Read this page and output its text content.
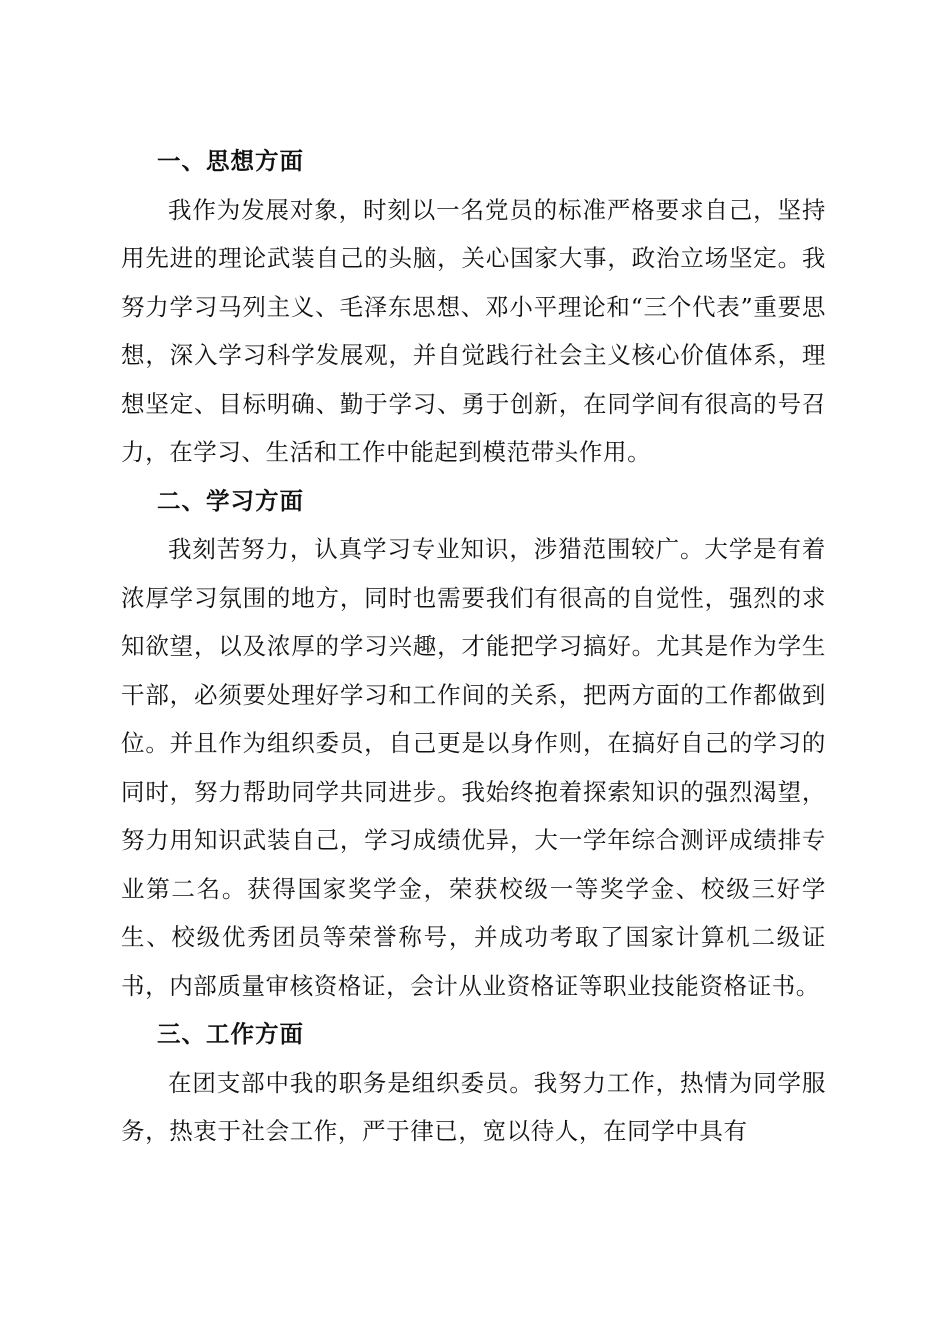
一、思想方面

我作为发展对象，时刻以一名党员的标准严格要求自己，坚持用先进的理论武装自己的头脑，关心国家大事，政治立场坚定。我努力学习马列主义、毛泽东思想、邓小平理论和“三个代表”重要思想，深入学习科学发展观，并自觉践行社会主义核心价值体系，理想坚定、目标明确、勤于学习、勇于创新，在同学间有很高的号召力，在学习、生活和工作中能起到模范带头作用。

二、学习方面

我刻苦努力，认真学习专业知识，涉猎范围较广。大学是有着浓厚学习氛围的地方，同时也需要我们有很高的自觉性，强烈的求知欲望，以及浓厚的学习兴趣，才能把学习搞好。尤其是作为学生干部，必须要处理好学习和工作间的关系，把两方面的工作都做到位。并且作为组织委员，自己更是以身作则，在搞好自己的学习的同时，努力帮助同学共同进步。我始终抱着探索知识的强烈渴望，努力用知识武装自己，学习成绩优异，大一学年综合测评成绩排专业第二名。获得国家奖学金，荣获校级一等奖学金、校级三好学生、校级优秀团员等荣誉称号，并成功考取了国家计算机二级证书，内部质量审核资格证，会计从业资格证等职业技能资格证书。

三、工作方面

在团支部中我的职务是组织委员。我努力工作，热情为同学服务，热衷于社会工作，严于律已，宽以待人，在同学中具有
